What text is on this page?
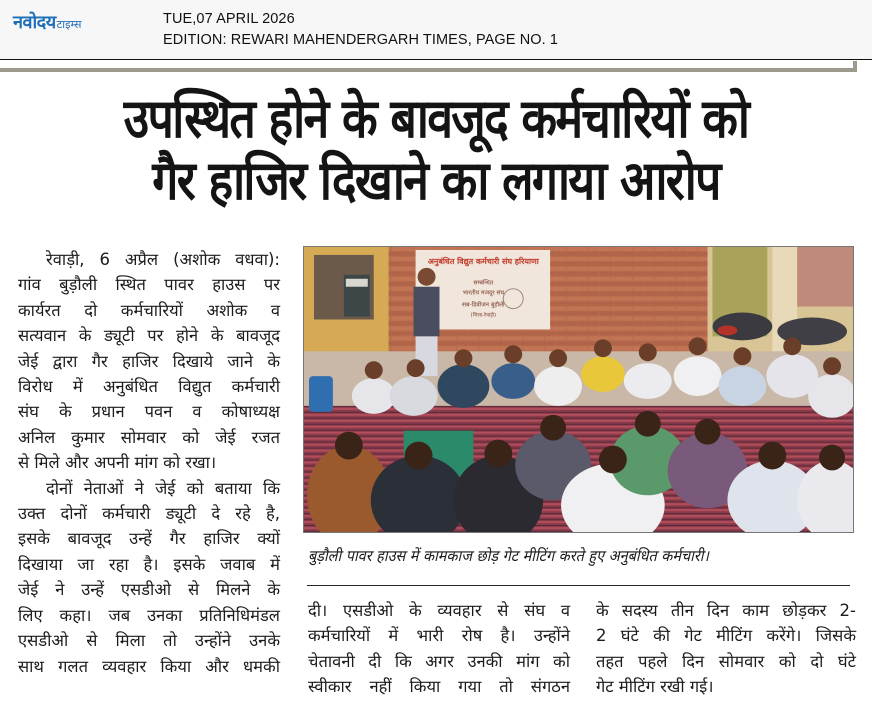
नवोदय टाइम्स	TUE,07 APRIL 2026
EDITION: REWARI MAHENDERGARH TIMES, PAGE NO. 1
उपस्थित होने के बावजूद कर्मचारियों को
गैर हाजिर दिखाने का लगाया आरोप

रेवाड़ी, 6 अप्रैल (अशोक वधवा):

गांव बुड़ौली स्थित पावर हाउस पर

कार्यरत दो कर्मचारियों अशोक व

सत्यवान के ड्यूटी पर होने के बावजूद

जेई द्वारा गैर हाजिर दिखाये जाने के

विरोध में अनुबंधित विद्युत कर्मचारी

संघ के प्रधान पवन व कोषाध्यक्ष

अनिल कुमार सोमवार को जेई रजत

से मिले और अपनी मांग को रखा।

दोनों नेताओं ने जेई को बताया कि

उक्त दोनों कर्मचारी ड्यूटी दे रहे है,

इसके बावजूद उन्हें गैर हाजिर क्यों

दिखाया जा रहा है। इसके जवाब में

जेई ने उन्हें एसडीओ से मिलने के

लिए कहा। जब उनका प्रतिनिधिमंडल

एसडीओ से मिला तो उन्होंने उनके

साथ गलत व्यवहार किया और धमकी

अनुबंधित विद्युत कर्मचारी संघ हरियाणा
सम्बन्धित
भारतीय मजदूर संघ
सब-डिवीजन बुड़ौली
(जिला-रेवाड़ी)
बुड़ौली पावर हाउस में कामकाज छोड़ गेट मीटिंग करते हुए अनुबंधित कर्मचारी।

दी। एसडीओ के व्यवहार से संघ व

कर्मचारियों में भारी रोष है। उन्होंने

चेतावनी दी कि अगर उनकी मांग को

स्वीकार नहीं किया गया तो संगठन

के सदस्य तीन दिन काम छोड़कर 2-

2 घंटे की गेट मीटिंग करेंगे। जिसके

तहत पहले दिन सोमवार को दो घंटे

गेट मीटिंग रखी गई।
